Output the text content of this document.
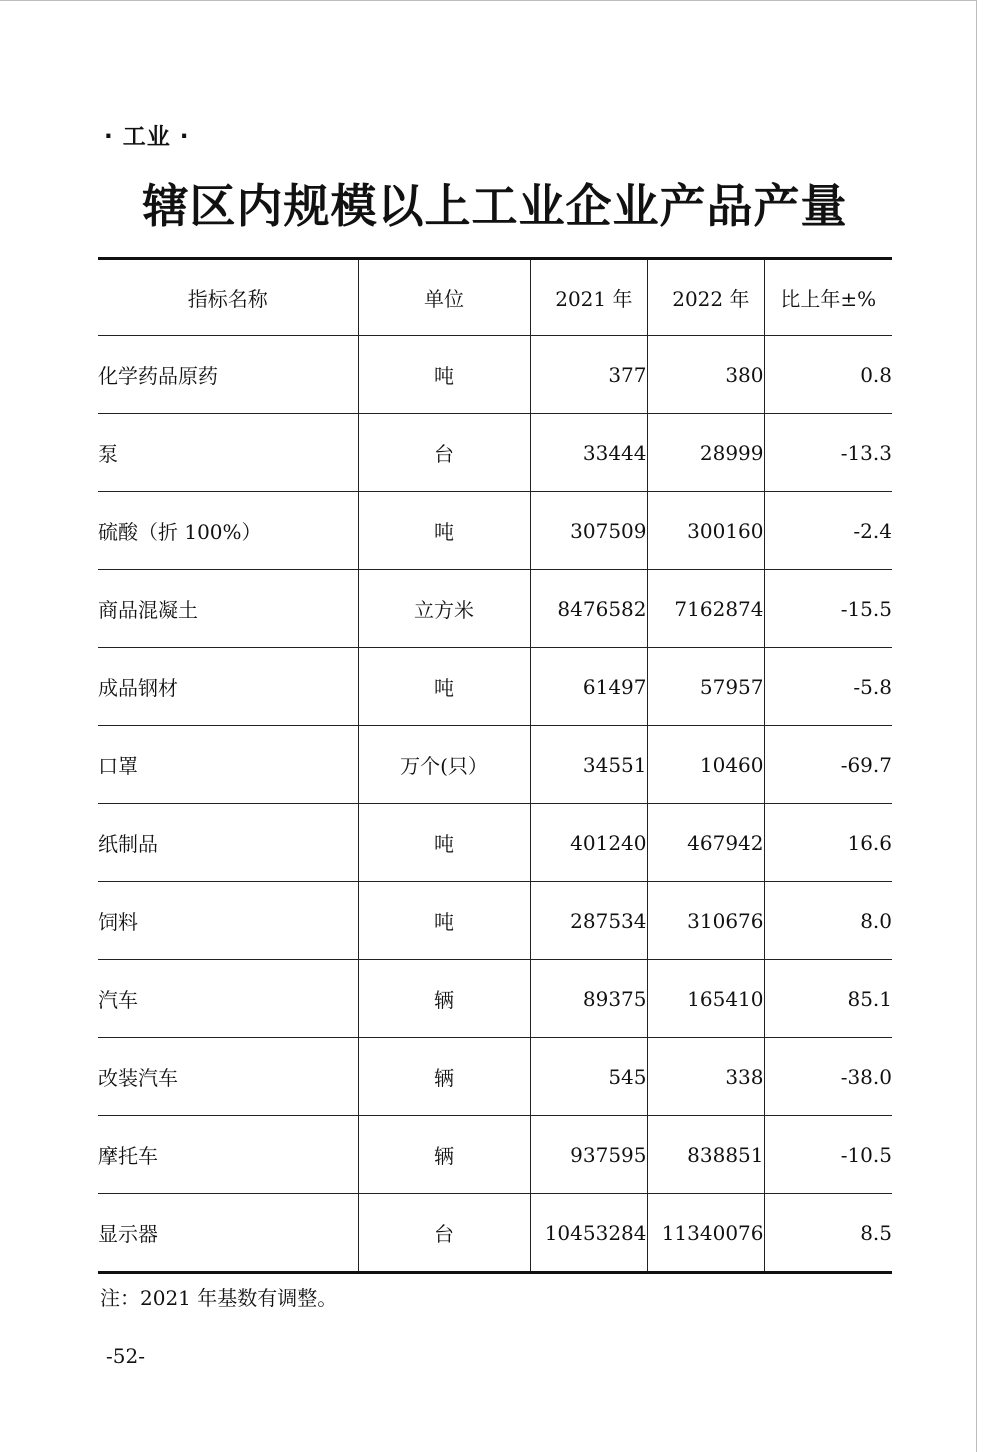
· 工业 ·
辖区内规模以上工业企业产品产量
指标名称	单位	2021 年	2022 年	比上年±%
化学药品原药	吨	377	380	0.8
泵	台	33444	28999	-13.3
硫酸（折 100%）	吨	307509	300160	-2.4
商品混凝土	立方米	8476582	7162874	-15.5
成品钢材	吨	61497	57957	-5.8
口罩	万个(只）	34551	10460	-69.7
纸制品	吨	401240	467942	16.6
饲料	吨	287534	310676	8.0
汽车	辆	89375	165410	85.1
改装汽车	辆	545	338	-38.0
摩托车	辆	937595	838851	-10.5
显示器	台	10453284	11340076	8.5
注：2021 年基数有调整。
-52-
